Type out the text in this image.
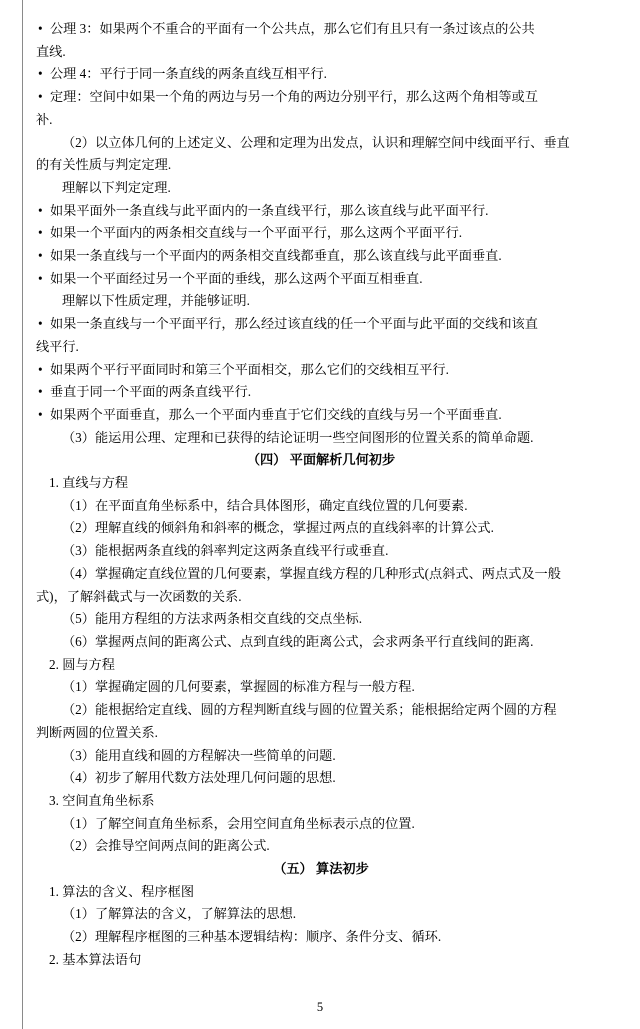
• 公理 3：如果两个不重合的平面有一个公共点，那么它们有且只有一条过该点的公共
直线.
• 公理 4：平行于同一条直线的两条直线互相平行.
• 定理：空间中如果一个角的两边与另一个角的两边分别平行，那么这两个角相等或互
补.
（2）以立体几何的上述定义、公理和定理为出发点，认识和理解空间中线面平行、垂直
的有关性质与判定定理.
理解以下判定定理.
• 如果平面外一条直线与此平面内的一条直线平行，那么该直线与此平面平行.
• 如果一个平面内的两条相交直线与一个平面平行，那么这两个平面平行.
• 如果一条直线与一个平面内的两条相交直线都垂直，那么该直线与此平面垂直.
• 如果一个平面经过另一个平面的垂线，那么这两个平面互相垂直.
理解以下性质定理，并能够证明.
• 如果一条直线与一个平面平行，那么经过该直线的任一个平面与此平面的交线和该直
线平行.
• 如果两个平行平面同时和第三个平面相交，那么它们的交线相互平行.
• 垂直于同一个平面的两条直线平行.
• 如果两个平面垂直，那么一个平面内垂直于它们交线的直线与另一个平面垂直.
（3）能运用公理、定理和已获得的结论证明一些空间图形的位置关系的简单命题.
（四） 平面解析几何初步
1. 直线与方程
（1）在平面直角坐标系中，结合具体图形，确定直线位置的几何要素.
（2）理解直线的倾斜角和斜率的概念，掌握过两点的直线斜率的计算公式.
（3）能根据两条直线的斜率判定这两条直线平行或垂直.
（4）掌握确定直线位置的几何要素，掌握直线方程的几种形式(点斜式、两点式及一般
式)，了解斜截式与一次函数的关系.
（5）能用方程组的方法求两条相交直线的交点坐标.
（6）掌握两点间的距离公式、点到直线的距离公式，会求两条平行直线间的距离.
2. 圆与方程
（1）掌握确定圆的几何要素，掌握圆的标准方程与一般方程.
（2）能根据给定直线、圆的方程判断直线与圆的位置关系；能根据给定两个圆的方程
判断两圆的位置关系.
（3）能用直线和圆的方程解决一些简单的问题.
（4）初步了解用代数方法处理几何问题的思想.
3. 空间直角坐标系
（1）了解空间直角坐标系，会用空间直角坐标表示点的位置.
（2）会推导空间两点间的距离公式.
（五） 算法初步
1. 算法的含义、程序框图
（1）了解算法的含义，了解算法的思想.
（2）理解程序框图的三种基本逻辑结构：顺序、条件分支、循环.
2. 基本算法语句
5
